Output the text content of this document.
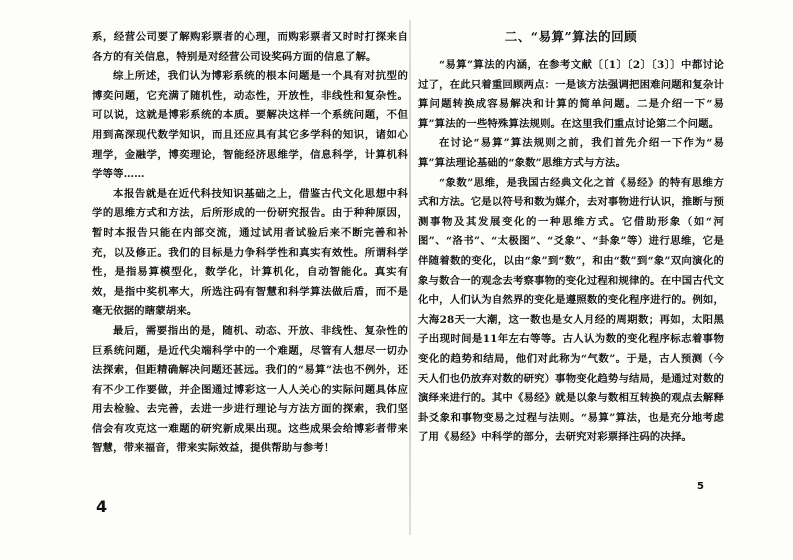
系，经营公司要了解购彩票者的心理，而购彩票者又时时打探来自各方的有关信息，特别是对经营公司设奖码方面的信息了解。

综上所述，我们认为博彩系统的根本问题是一个具有对抗型的博奕问题，它充满了随机性，动态性，开放性，非线性和复杂性。可以说，这就是博彩系统的本质。要解决这样一个系统问题，不但用到高深现代数学知识，而且还应具有其它多学科的知识，诸如心理学，金融学，博奕理论，智能经济思维学，信息科学，计算机科学等等……

本报告就是在近代科技知识基础之上，借鉴古代文化思想中科学的思维方式和方法，后所形成的一份研究报告。由于种种原因，暂时本报告只能在内部交流，通过试用者试验后来不断完善和补充，以及修正。我们的目标是力争科学性和真实有效性。所谓科学性，是指易算模型化，数学化，计算机化，自动智能化。真实有效，是指中奖机率大，所选注码有智慧和科学算法做后盾，而不是毫无依据的瞎蒙胡来。

最后，需要指出的是，随机、动态、开放、非线性、复杂性的巨系统问题，是近代尖端科学中的一个难题，尽管有人想尽一切办法探索，但距精确解决问题还甚远。我们的“易算”法也不例外，还有不少工作要做，并企图通过博彩这一人人关心的实际问题具体应用去检验、去完善，去进一步进行理论与方法方面的探索，我们坚信会有攻克这一难题的研究新成果出现。这些成果会给博彩者带来智慧，带来福音，带来实际效益，提供帮助与参考！

二、“易算”算法的回顾

“易算”算法的内涵，在参考文献〔〔1〕〔2〕〔3〕〕中都讨论过了，在此只着重回顾两点：一是该方法强调把困难问题和复杂计算问题转换成容易解决和计算的简单问题。二是介绍一下“易算”算法的一些特殊算法规则。在这里我们重点讨论第二个问题。

在讨论“易算”算法规则之前，我们首先介绍一下作为“易算”算法理论基础的“象数”思维方式与方法。

“象数”思维，是我国古经典文化之首《易经》的特有思维方式和方法。它是以符号和数为媒介，去对事物进行认识，推断与预测事物及其发展变化的一种思维方式。它借助形象（如“河图”、“洛书”、“太极图”、“爻象”、“卦象”等）进行思维，它是伴随着数的变化，以由“象”到“数”，和由“数”到“象”双向演化的象与数合一的观念去考察事物的变化过程和规律的。在中国古代文化中，人们认为自然界的变化是遵照数的变化程序进行的。例如，大海28天一大潮，这一数也是女人月经的周期数；再如，太阳黑子出现时间是11年左右等等。古人认为数的变化程序标志着事物变化的趋势和结局，他们对此称为“气数”。于是，古人预测（今天人们也仍放弃对数的研究）事物变化趋势与结局，是通过对数的演绎来进行的。其中《易经》就是以象与数相互转换的观点去解释卦爻象和事物变易之过程与法则。“易算”算法，也是充分地考虑了用《易经》中科学的部分，去研究对彩票择注码的决择。

4
5
